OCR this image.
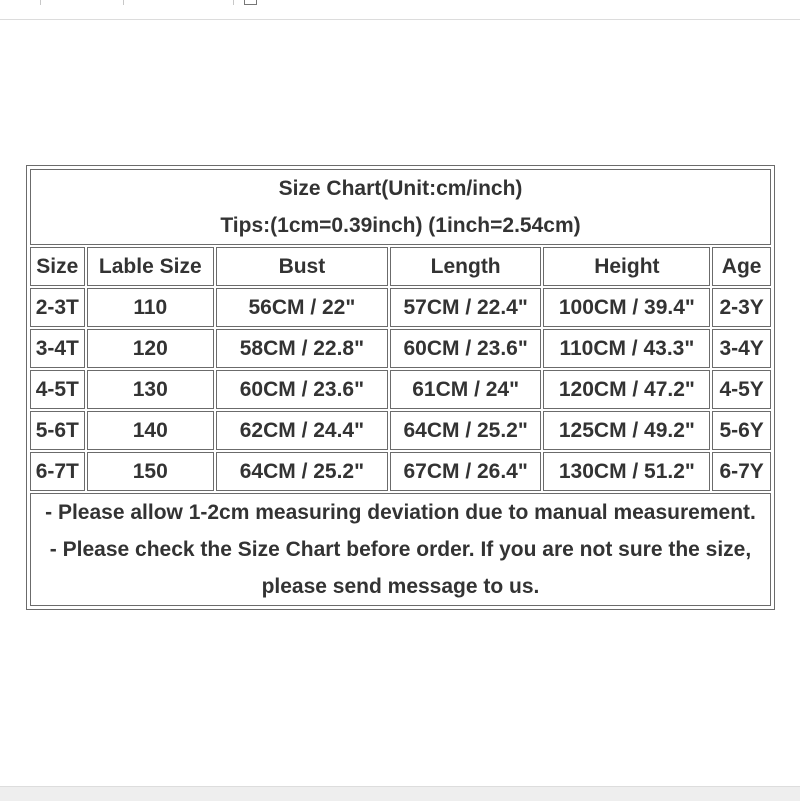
Size Chart(Unit:cm/inch)
Tips:(1cm=0.39inch) (1inch=2.54cm)					

Size	Lable Size	Bust	Length	Height	Age
2-3T	110	56CM / 22"	57CM / 22.4"	100CM / 39.4"	2-3Y
3-4T	120	58CM / 22.8"	60CM / 23.6"	110CM / 43.3"	3-4Y
4-5T	130	60CM / 23.6"	61CM / 24"	120CM / 47.2"	4-5Y
5-6T	140	62CM / 24.4"	64CM / 25.2"	125CM / 49.2"	5-6Y
6-7T	150	64CM / 25.2"	67CM / 26.4"	130CM / 51.2"	6-7Y

- Please allow 1-2cm measuring deviation due to manual measurement.
- Please check the Size Chart before order. If you are not sure the size, please send message to us.					
